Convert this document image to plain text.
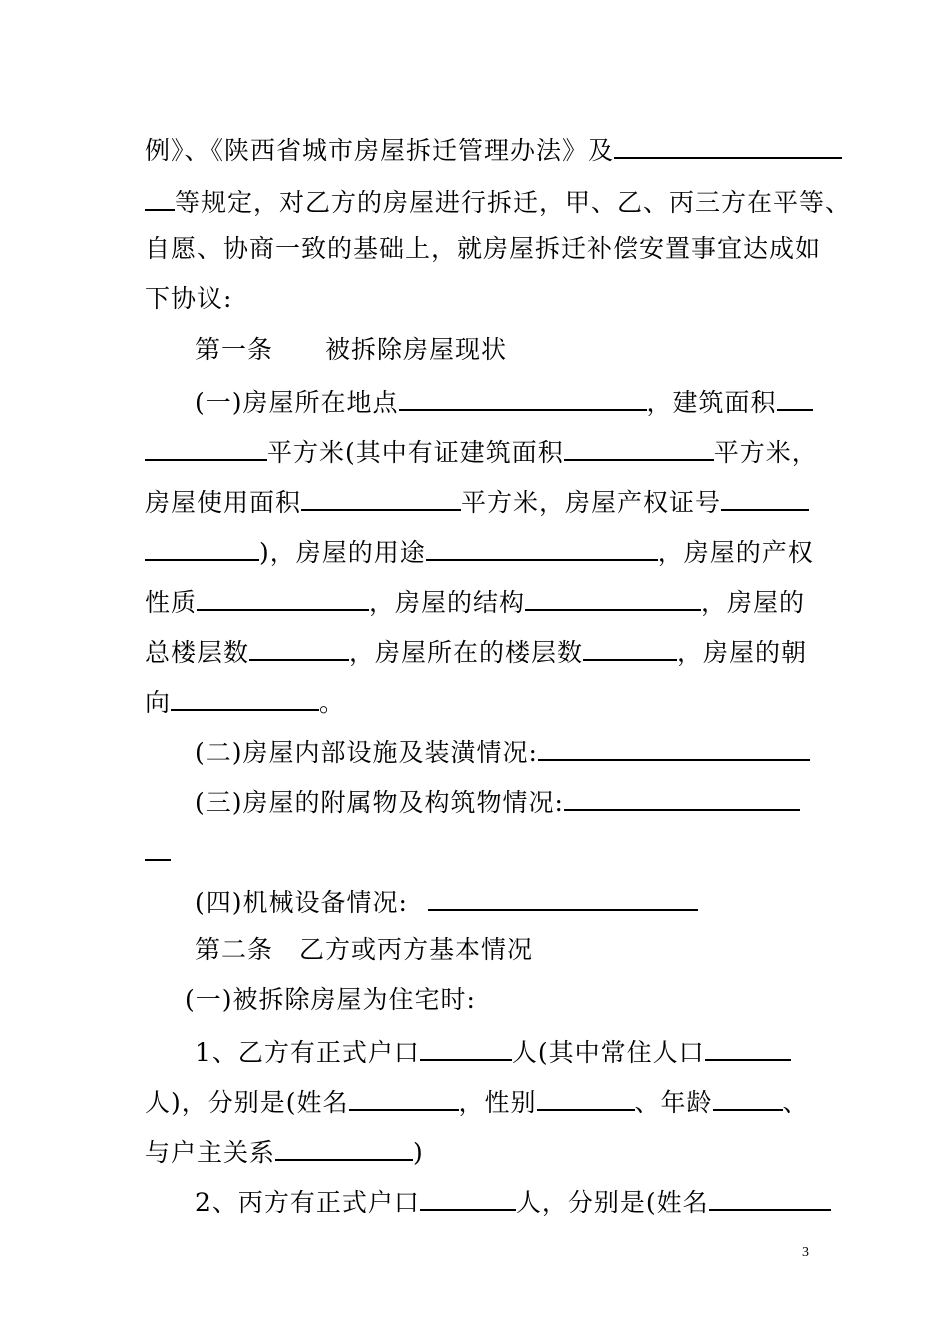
例》、《陕西省城市房屋拆迁管理办法》及
等规定，对乙方的房屋进行拆迁，甲、乙、丙三方在平等、
自愿、协商一致的基础上，就房屋拆迁补偿安置事宜达成如
下协议:
第一条 被拆除房屋现状
(一)房屋所在地点	，建筑面积
平方米(其中有证建筑面积	平方米，
房屋使用面积	平方米，房屋产权证号
)，房屋的用途	，房屋的产权
性质	，房屋的结构	，房屋的
总楼层数	，房屋所在的楼层数	，房屋的朝
向	。
(二)房屋内部设施及装潢情况:
(三)房屋的附属物及构筑物情况:
(四)机械设备情况:
第二条 乙方或丙方基本情况
(一)被拆除房屋为住宅时:
1、乙方有正式户口	人(其中常住人口
人)，分别是(姓名	，性别	、年龄	、
与户主关系	)
2、丙方有正式户口	人，分别是(姓名
3
